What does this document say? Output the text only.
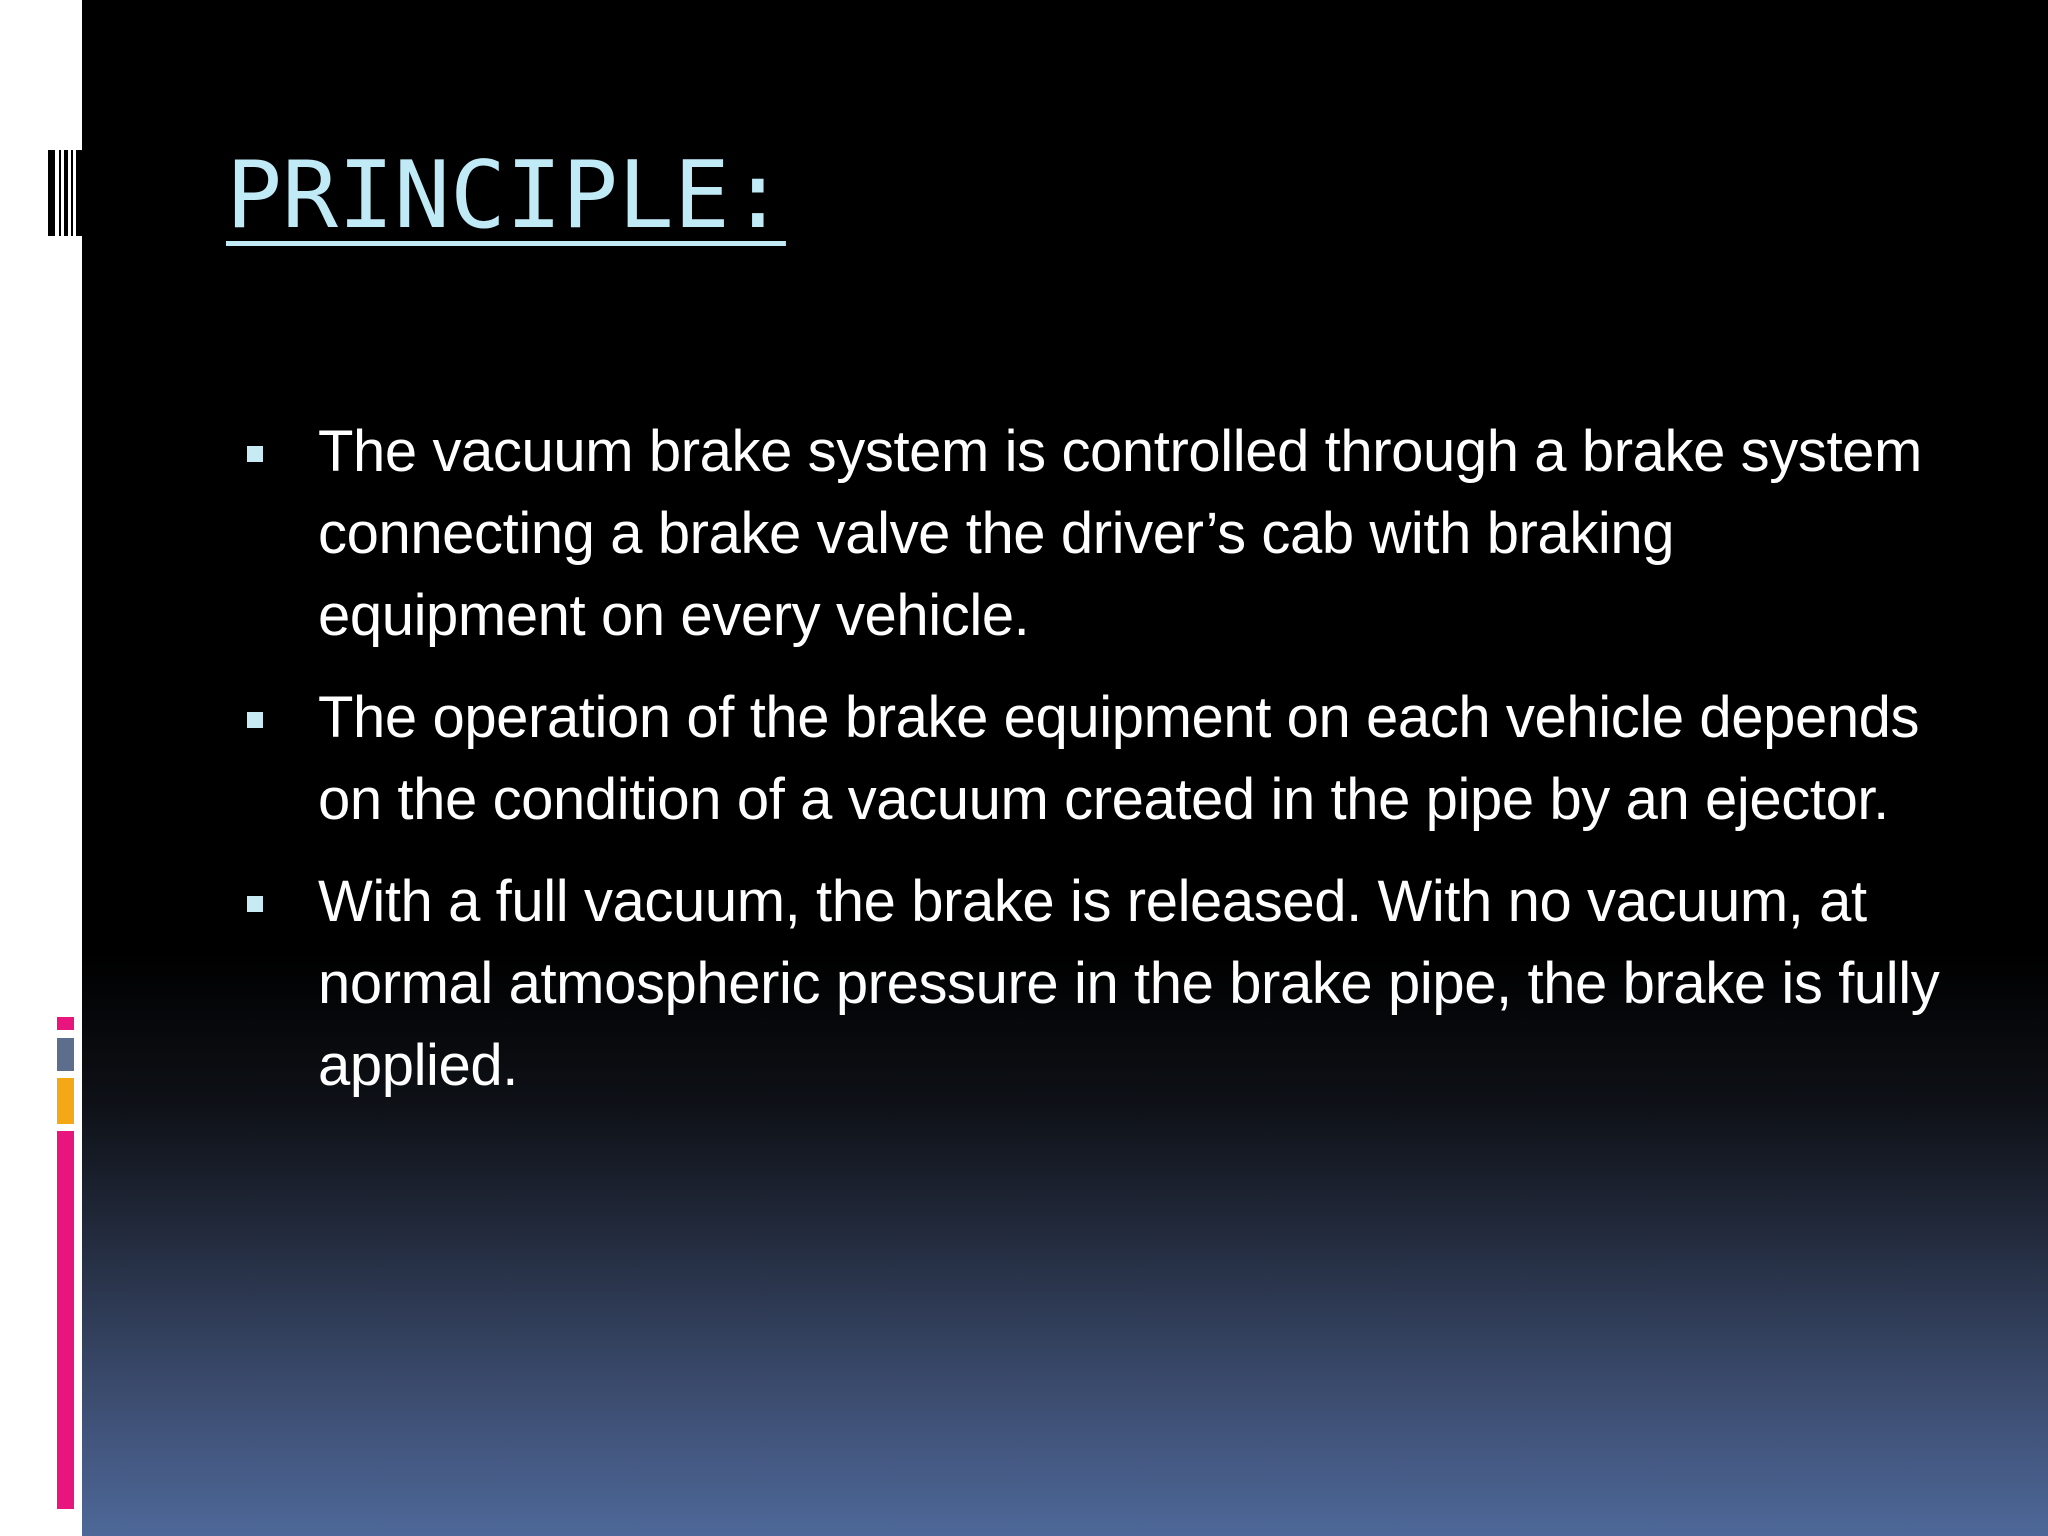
PRINCIPLE:
The vacuum brake system is controlled through a brake system connecting a brake valve the driver’s cab with braking equipment on every vehicle.
The operation of the brake equipment on each vehicle depends on the condition of a vacuum created in the pipe by an ejector.
With a full vacuum, the brake is released. With no vacuum, at normal atmospheric pressure in the brake pipe, the brake is fully applied.
